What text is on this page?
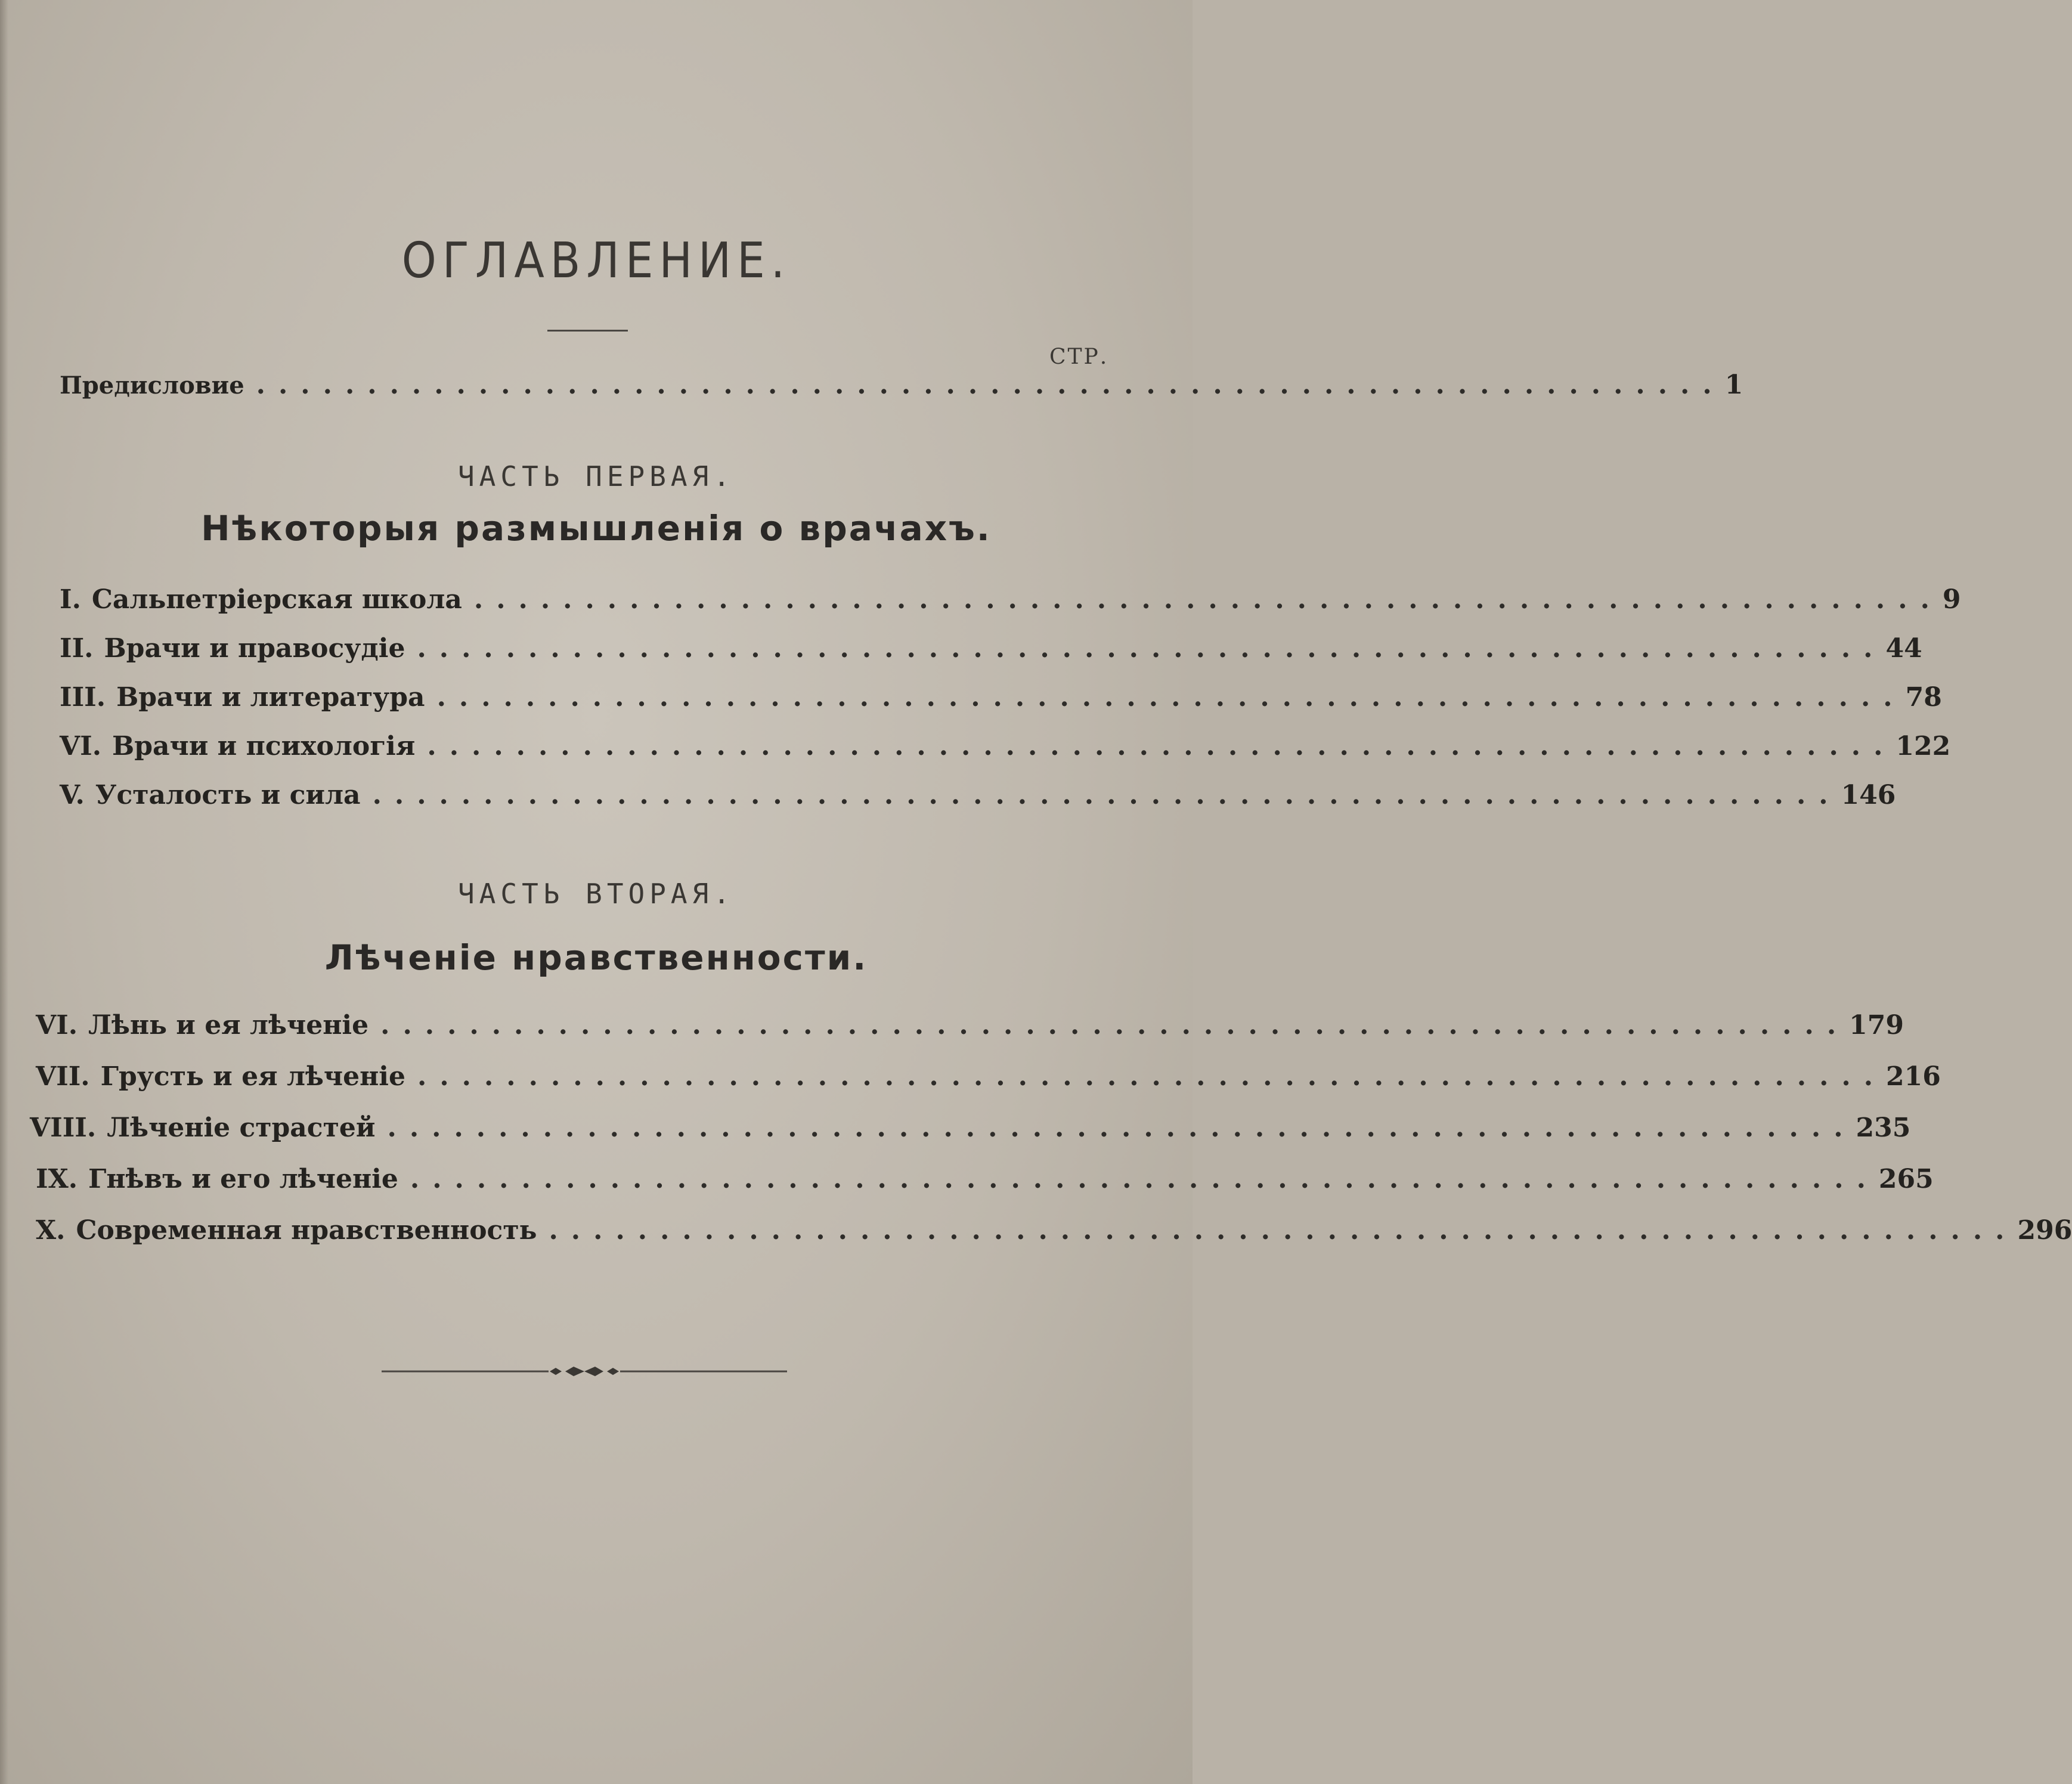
ОГЛАВЛЕНИЕ.
СТР.
Предисловие .................................................................. 1
ЧАСТЬ ПЕРВАЯ.
Нѣкоторыя размышленія о врачахъ.
I. Сальпетріерская школа .................................................................. 9
II. Врачи и правосудіе .................................................................. 44
III. Врачи и литература .................................................................. 78
VI. Врачи и психологія .................................................................. 122
V. Усталость и сила .................................................................. 146
ЧАСТЬ ВТОРАЯ.
Лѣченіе нравственности.
VI. Лѣнь и ея лѣченіе .................................................................. 179
VII. Грусть и ея лѣченіе .................................................................. 216
VIII. Лѣченіе страстей .................................................................. 235
IX. Гнѣвъ и его лѣченіе .................................................................. 265
X. Современная нравственность .................................................................. 296
